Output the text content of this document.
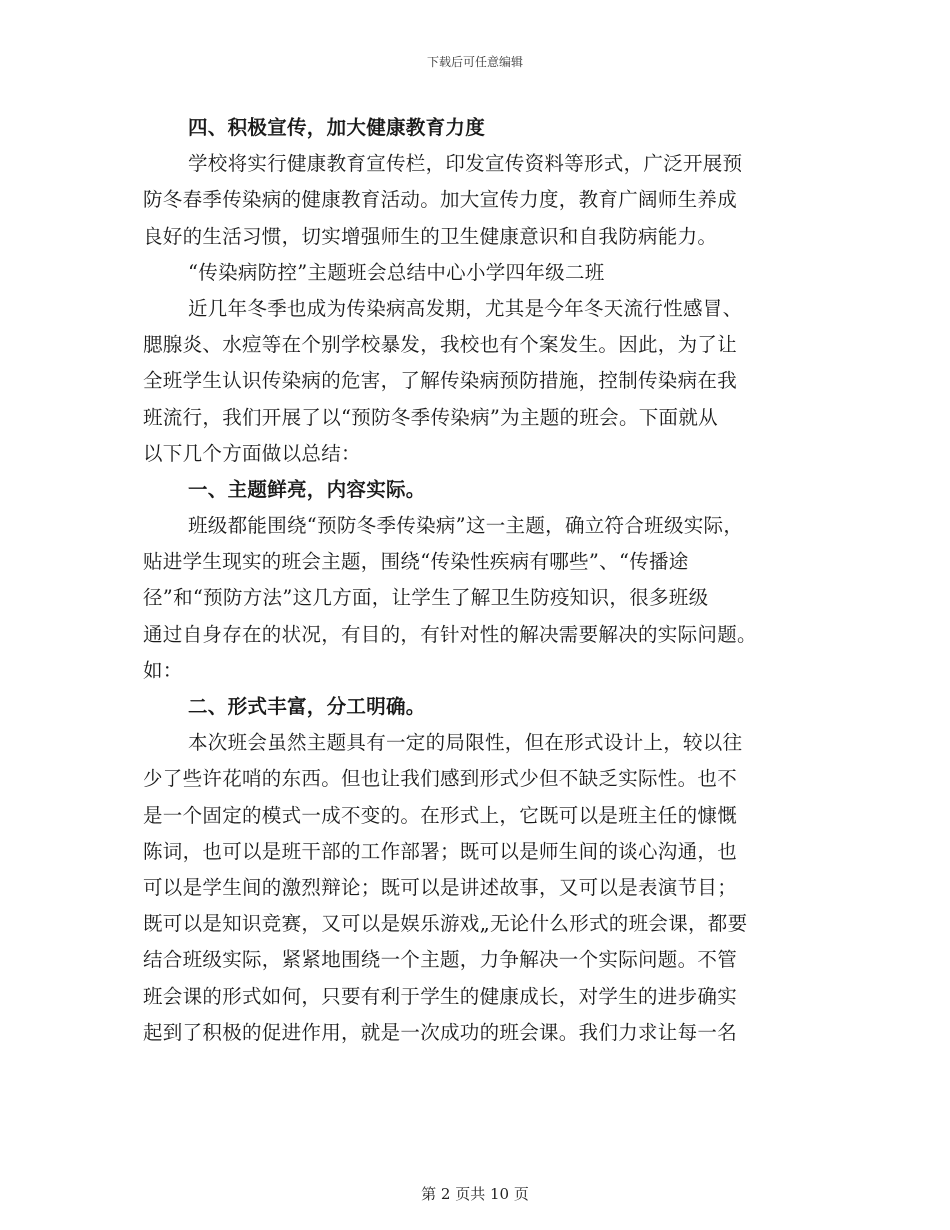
下载后可任意编辑
四、积极宣传，加大健康教育力度
学校将实行健康教育宣传栏，印发宣传资料等形式，广泛开展预
防冬春季传染病的健康教育活动。加大宣传力度，教育广阔师生养成
良好的生活习惯，切实增强师生的卫生健康意识和自我防病能力。
“传染病防控”主题班会总结中心小学四年级二班
近几年冬季也成为传染病高发期，尤其是今年冬天流行性感冒、
腮腺炎、水痘等在个别学校暴发，我校也有个案发生。因此，为了让
全班学生认识传染病的危害，了解传染病预防措施，控制传染病在我
班流行，我们开展了以“预防冬季传染病”为主题的班会。下面就从
以下几个方面做以总结：
一、主题鲜亮，内容实际。
班级都能围绕“预防冬季传染病”这一主题，确立符合班级实际，
贴进学生现实的班会主题，围绕“传染性疾病有哪些”、“传播途
径”和“预防方法”这几方面，让学生了解卫生防疫知识，很多班级
通过自身存在的状况，有目的，有针对性的解决需要解决的实际问题。
如：
二、形式丰富，分工明确。
本次班会虽然主题具有一定的局限性，但在形式设计上，较以往
少了些许花哨的东西。但也让我们感到形式少但不缺乏实际性。也不
是一个固定的模式一成不变的。在形式上，它既可以是班主任的慷慨
陈词，也可以是班干部的工作部署；既可以是师生间的谈心沟通，也
可以是学生间的激烈辩论；既可以是讲述故事，又可以是表演节目；
既可以是知识竞赛，又可以是娱乐游戏„无论什么形式的班会课，都要
结合班级实际，紧紧地围绕一个主题，力争解决一个实际问题。不管
班会课的形式如何，只要有利于学生的健康成长，对学生的进步确实
起到了积极的促进作用，就是一次成功的班会课。我们力求让每一名
第 2 页共 10 页
